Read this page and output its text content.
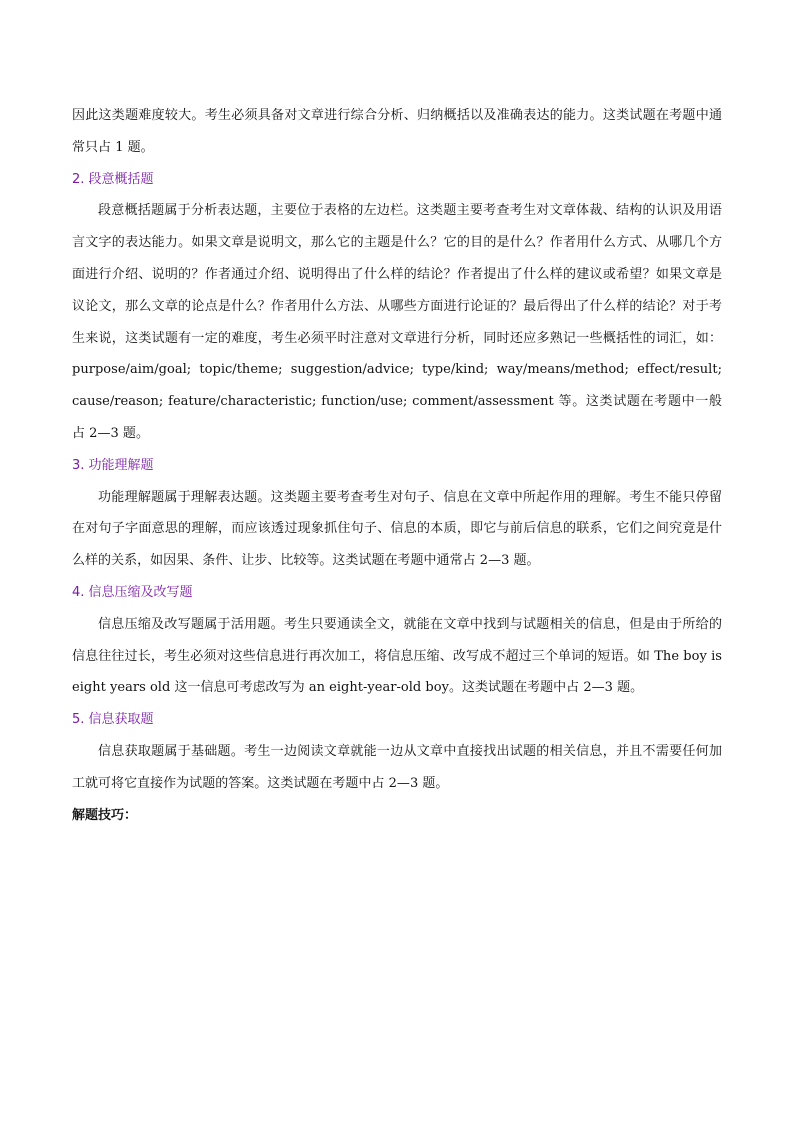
因此这类题难度较大。考生必须具备对文章进行综合分析、归纳概括以及准确表达的能力。这类试题在考题中通常只占 1 题。

2. 段意概括题

段意概括题属于分析表达题，主要位于表格的左边栏。这类题主要考查考生对文章体裁、结构的认识及用语言文字的表达能力。如果文章是说明文，那么它的主题是什么？它的目的是什么？作者用什么方式、从哪几个方面进行介绍、说明的？作者通过介绍、说明得出了什么样的结论？作者提出了什么样的建议或希望？如果文章是议论文，那么文章的论点是什么？作者用什么方法、从哪些方面进行论证的？最后得出了什么样的结论？对于考生来说，这类试题有一定的难度，考生必须平时注意对文章进行分析，同时还应多熟记一些概括性的词汇，如：purpose/aim/goal; topic/theme; suggestion/advice; type/kind; way/means/method; effect/result; cause/reason; feature/characteristic; function/use; comment/assessment 等。这类试题在考题中一般占 2—3 题。

3. 功能理解题

功能理解题属于理解表达题。这类题主要考查考生对句子、信息在文章中所起作用的理解。考生不能只停留在对句子字面意思的理解，而应该透过现象抓住句子、信息的本质，即它与前后信息的联系，它们之间究竟是什么样的关系，如因果、条件、让步、比较等。这类试题在考题中通常占 2—3 题。

4. 信息压缩及改写题

信息压缩及改写题属于活用题。考生只要通读全文，就能在文章中找到与试题相关的信息，但是由于所给的信息往往过长，考生必须对这些信息进行再次加工，将信息压缩、改写成不超过三个单词的短语。如 The boy is eight years old 这一信息可考虑改写为 an eight-year-old boy。这类试题在考题中占 2—3 题。

5. 信息获取题

信息获取题属于基础题。考生一边阅读文章就能一边从文章中直接找出试题的相关信息，并且不需要任何加工就可将它直接作为试题的答案。这类试题在考题中占 2—3 题。

解题技巧：
